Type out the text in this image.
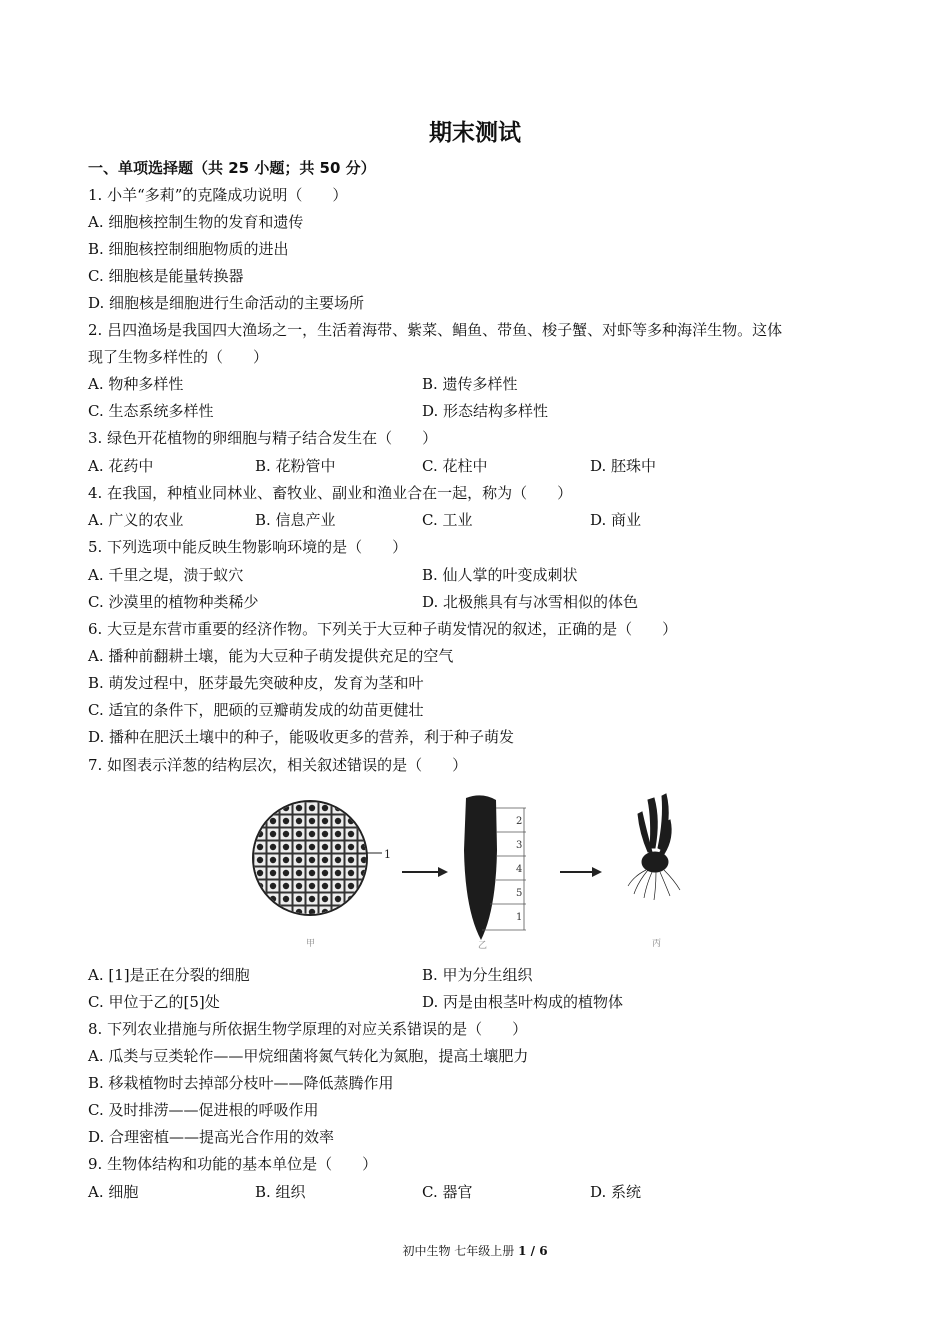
期末测试
一、单项选择题（共 25 小题；共 50 分）
1. 小羊“多莉”的克隆成功说明（　　）
A. 细胞核控制生物的发育和遗传
B. 细胞核控制细胞物质的进出
C. 细胞核是能量转换器
D. 细胞核是细胞进行生命活动的主要场所
2. 吕四渔场是我国四大渔场之一，生活着海带、紫菜、鲳鱼、带鱼、梭子蟹、对虾等多种海洋生物。这体
现了生物多样性的（　　）
A. 物种多样性	B. 遗传多样性
C. 生态系统多样性	D. 形态结构多样性
3. 绿色开花植物的卵细胞与精子结合发生在（　　）
A. 花药中	B. 花粉管中	C. 花柱中	D. 胚珠中
4. 在我国，种植业同林业、畜牧业、副业和渔业合在一起，称为（　　）
A. 广义的农业	B. 信息产业	C. 工业	D. 商业
5. 下列选项中能反映生物影响环境的是（　　）
A. 千里之堤，溃于蚁穴	B. 仙人掌的叶变成刺状
C. 沙漠里的植物种类稀少	D. 北极熊具有与冰雪相似的体色
6. 大豆是东营市重要的经济作物。下列关于大豆种子萌发情况的叙述，正确的是（　　）
A. 播种前翻耕土壤，能为大豆种子萌发提供充足的空气
B. 萌发过程中，胚芽最先突破种皮，发育为茎和叶
C. 适宜的条件下，肥硕的豆瓣萌发成的幼苗更健壮
D. 播种在肥沃土壤中的种子，能吸收更多的营养，利于种子萌发
7. 如图表示洋葱的结构层次，相关叙述错误的是（　　）
1
2
3
4
5
1
甲	乙	丙
A. [1]是正在分裂的细胞	B. 甲为分生组织
C. 甲位于乙的[5]处	D. 丙是由根茎叶构成的植物体
8. 下列农业措施与所依据生物学原理的对应关系错误的是（　　）
A. 瓜类与豆类轮作——甲烷细菌将氮气转化为氮胞，提高土壤肥力
B. 移栽植物时去掉部分枝叶——降低蒸腾作用
C. 及时排涝——促进根的呼吸作用
D. 合理密植——提高光合作用的效率
9. 生物体结构和功能的基本单位是（　　）
A. 细胞	B. 组织	C. 器官	D. 系统
初中生物 七年级上册 1 / 6
